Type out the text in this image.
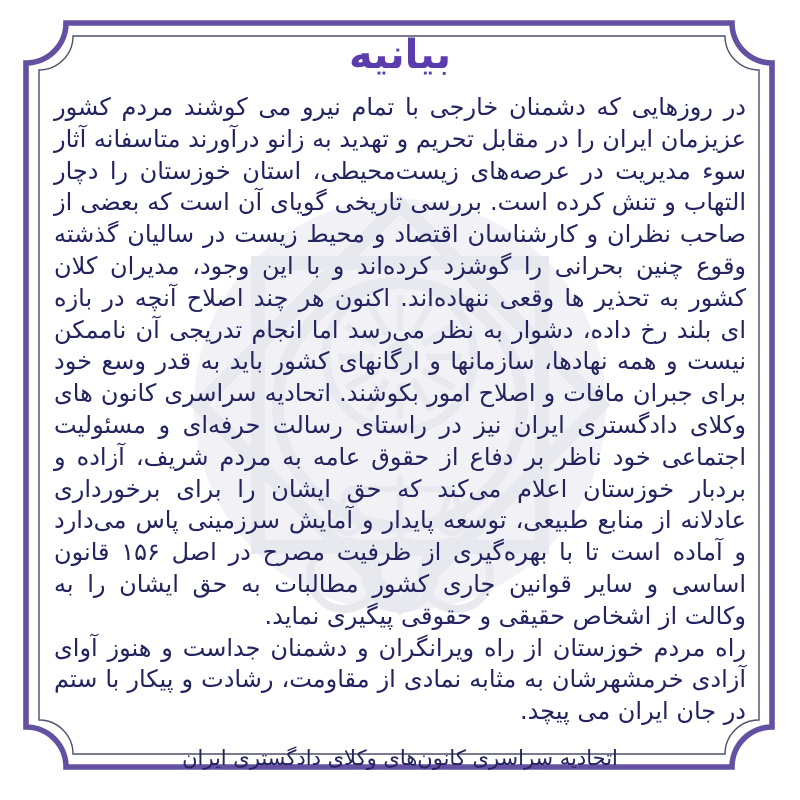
بیانیه

در روزهایی که دشمنان خارجی با تمام نیرو می کوشند مردم کشور عزیزمان ایران را در مقابل تحریم و تهدید به زانو درآورند متاسفانه آثار سوء مدیریت در عرصه‌های زیست‌محیطی، استان خوزستان را دچار التهاب و تنش کرده است. بررسی تاریخی گویای آن است که بعضی از صاحب نظران و کارشناسان اقتصاد و محیط زیست در سالیان گذشته وقوع چنین بحرانی را گوشزد کرده‌اند و با این وجود، مدیران کلان کشور به تحذیر ها وقعی ننهاده‌اند. اکنون هر چند اصلاح آنچه در بازه ای بلند رخ داده، دشوار به نظر می‌رسد اما انجام تدریجی آن ناممکن نیست و همه نهادها، سازمانها و ارگانهای کشور باید به قدر وسع خود برای جبران مافات و اصلاح امور بکوشند. اتحادیه سراسری کانون های وکلای دادگستری ایران نیز در راستای رسالت حرفه‌ای و مسئولیت اجتماعی خود ناظر بر دفاع از حقوق عامه به مردم شریف، آزاده و بردبار خوزستان اعلام می‌کند که حق ایشان را برای برخورداری عادلانه از منابع طبیعی، توسعه پایدار و آمایش سرزمینی پاس می‌دارد و آماده است تا با بهره‌گیری از ظرفیت مصرح در اصل ۱۵۶ قانون اساسی و سایر قوانین جاری کشور مطالبات به حق ایشان را به وکالت از اشخاص حقیقی و حقوقی پیگیری نماید.

راه مردم خوزستان از راه ویرانگران و دشمنان جداست و هنوز آوای آزادی خرمشهرشان به مثابه نمادی از مقاومت، رشادت و پیکار با ستم در جان ایران می پیچد.

اتحادیه سراسری کانون‌های وکلای دادگستری ایران
